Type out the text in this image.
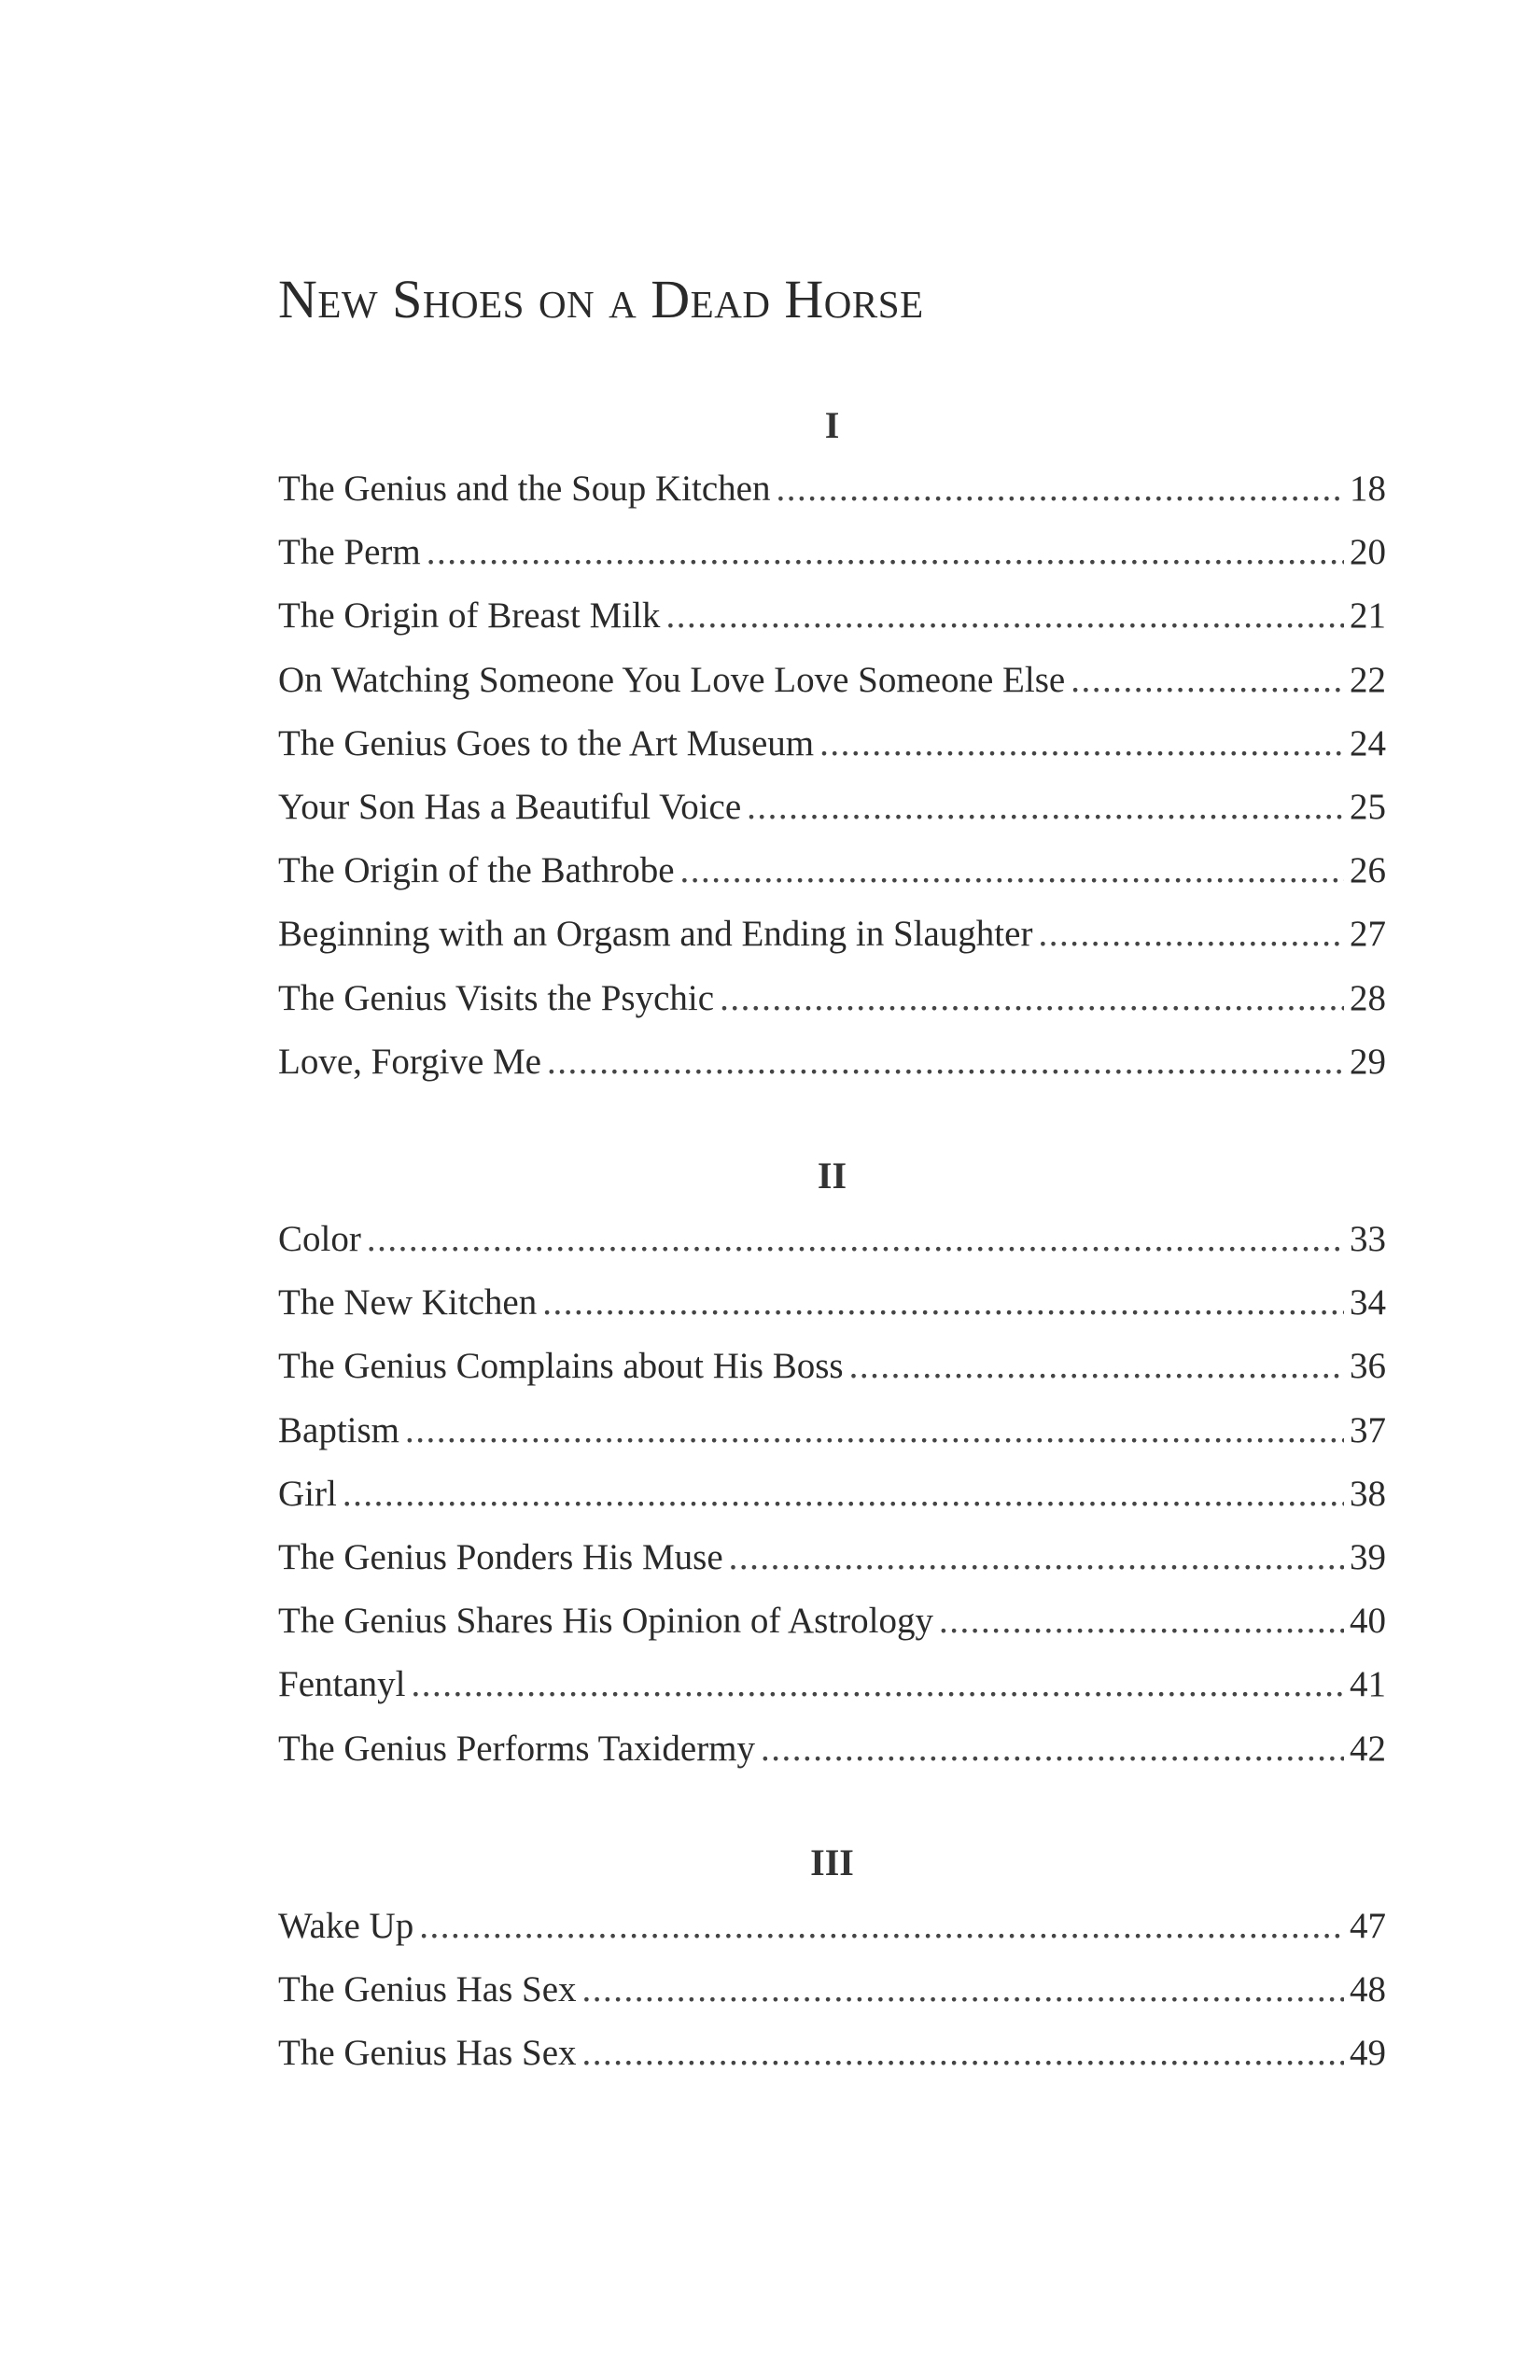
New Shoes on a Dead Horse
I
The Genius and the Soup Kitchen .....	18
The Perm .....	20
The Origin of Breast Milk .....	21
On Watching Someone You Love Love Someone Else .....	22
The Genius Goes to the Art Museum .....	24
Your Son Has a Beautiful Voice .....	25
The Origin of the Bathrobe .....	26
Beginning with an Orgasm and Ending in Slaughter .....	27
The Genius Visits the Psychic .....	28
Love, Forgive Me .....	29
II
Color .....	33
The New Kitchen .....	34
The Genius Complains about His Boss .....	36
Baptism .....	37
Girl .....	38
The Genius Ponders His Muse .....	39
The Genius Shares His Opinion of Astrology .....	40
Fentanyl .....	41
The Genius Performs Taxidermy .....	42
III
Wake Up .....	47
The Genius Has Sex .....	48
The Genius Has Sex .....	49
